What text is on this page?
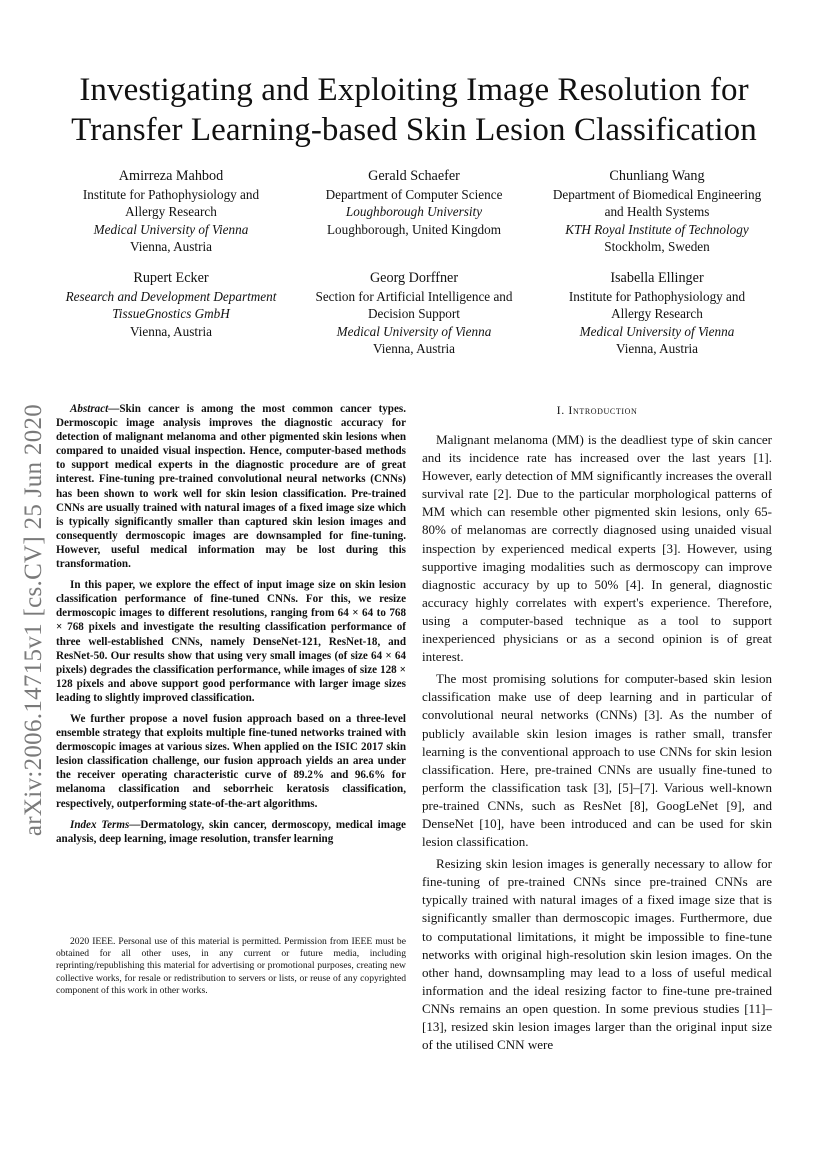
arXiv:2006.14715v1 [cs.CV] 25 Jun 2020
Investigating and Exploiting Image Resolution for Transfer Learning-based Skin Lesion Classification
Amirreza Mahbod
Institute for Pathophysiology and
Allergy Research
Medical University of Vienna
Vienna, Austria
Gerald Schaefer
Department of Computer Science
Loughborough University
Loughborough, United Kingdom
Chunliang Wang
Department of Biomedical Engineering
and Health Systems
KTH Royal Institute of Technology
Stockholm, Sweden
Rupert Ecker
Research and Development Department
TissueGnostics GmbH
Vienna, Austria
Georg Dorffner
Section for Artificial Intelligence and
Decision Support
Medical University of Vienna
Vienna, Austria
Isabella Ellinger
Institute for Pathophysiology and
Allergy Research
Medical University of Vienna
Vienna, Austria

Abstract—Skin cancer is among the most common cancer types. Dermoscopic image analysis improves the diagnostic accuracy for detection of malignant melanoma and other pigmented skin lesions when compared to unaided visual inspection. Hence, computer-based methods to support medical experts in the diagnostic procedure are of great interest. Fine-tuning pre-trained convolutional neural networks (CNNs) has been shown to work well for skin lesion classification. Pre-trained CNNs are usually trained with natural images of a fixed image size which is typically significantly smaller than captured skin lesion images and consequently dermoscopic images are downsampled for fine-tuning. However, useful medical information may be lost during this transformation.

In this paper, we explore the effect of input image size on skin lesion classification performance of fine-tuned CNNs. For this, we resize dermoscopic images to different resolutions, ranging from 64 × 64 to 768 × 768 pixels and investigate the resulting classification performance of three well-established CNNs, namely DenseNet-121, ResNet-18, and ResNet-50. Our results show that using very small images (of size 64 × 64 pixels) degrades the classification performance, while images of size 128 × 128 pixels and above support good performance with larger image sizes leading to slightly improved classification.

We further propose a novel fusion approach based on a three-level ensemble strategy that exploits multiple fine-tuned networks trained with dermoscopic images at various sizes. When applied on the ISIC 2017 skin lesion classification challenge, our fusion approach yields an area under the receiver operating characteristic curve of 89.2% and 96.6% for melanoma classification and seborrheic keratosis classification, respectively, outperforming state-of-the-art algorithms.

Index Terms—Dermatology, skin cancer, dermoscopy, medical image analysis, deep learning, image resolution, transfer learning

2020 IEEE. Personal use of this material is permitted. Permission from IEEE must be obtained for all other uses, in any current or future media, including reprinting/republishing this material for advertising or promotional purposes, creating new collective works, for resale or redistribution to servers or lists, or reuse of any copyrighted component of this work in other works.
I. Introduction

Malignant melanoma (MM) is the deadliest type of skin cancer and its incidence rate has increased over the last years [1]. However, early detection of MM significantly increases the overall survival rate [2]. Due to the particular morphological patterns of MM which can resemble other pigmented skin lesions, only 65-80% of melanomas are correctly diagnosed using unaided visual inspection by experienced medical experts [3]. However, using supportive imaging modalities such as dermoscopy can improve diagnostic accuracy by up to 50% [4]. In general, diagnostic accuracy highly correlates with expert's experience. Therefore, using a computer-based technique as a tool to support inexperienced physicians or as a second opinion is of great interest.

The most promising solutions for computer-based skin lesion classification make use of deep learning and in particular of convolutional neural networks (CNNs) [3]. As the number of publicly available skin lesion images is rather small, transfer learning is the conventional approach to use CNNs for skin lesion classification. Here, pre-trained CNNs are usually fine-tuned to perform the classification task [3], [5]–[7]. Various well-known pre-trained CNNs, such as ResNet [8], GoogLeNet [9], and DenseNet [10], have been introduced and can be used for skin lesion classification.

Resizing skin lesion images is generally necessary to allow for fine-tuning of pre-trained CNNs since pre-trained CNNs are typically trained with natural images of a fixed image size that is significantly smaller than dermoscopic images. Furthermore, due to computational limitations, it might be impossible to fine-tune networks with original high-resolution skin lesion images. On the other hand, downsampling may lead to a loss of useful medical information and the ideal resizing factor to fine-tune pre-trained CNNs remains an open question. In some previous studies [11]–[13], resized skin lesion images larger than the original input size of the utilised CNN were
